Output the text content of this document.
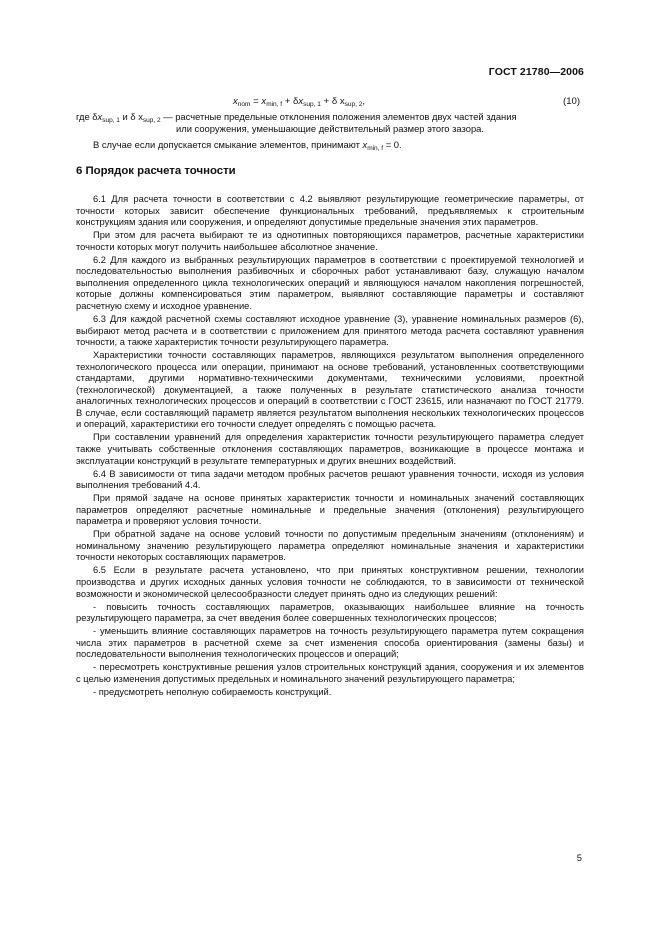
ГОСТ 21780—2006
$x_{nom} = x_{min, f} + \delta x_{sup, 1} + \delta$ $x_{sup, 2}$,	(10)
где $\delta x_{sup, 1}$ и δ $x_{sup, 2}$ — расчетные предельные отклонения положения элементов двух частей здания
или сооружения, уменьшающие действительный размер этого зазора.
В случае если допускается смыкание элементов, принимают $x_{min, f} = 0$.
6 Порядок расчета точности

6.1 Для расчета точности в соответствии с 4.2 выявляют результирующие геометрические параметры, от точности которых зависит обеспечение функциональных требований, предъявляемых к строительным конструкциям здания или сооружения, и определяют допустимые предельные значения этих параметров.

При этом для расчета выбирают те из однотипных повторяющихся параметров, расчетные характеристики точности которых могут получить наибольшее абсолютное значение.

6.2 Для каждого из выбранных результирующих параметров в соответствии с проектируемой технологией и последовательностью выполнения разбивочных и сборочных работ устанавливают базу, служащую началом выполнения определенного цикла технологических операций и являющуюся началом накопления погрешностей, которые должны компенсироваться этим параметром, выявляют составляющие параметры и составляют расчетную схему и исходное уравнение.

6.3 Для каждой расчетной схемы составляют исходное уравнение (3), уравнение номинальных размеров (6), выбирают метод расчета и в соответствии с приложением для принятого метода расчета составляют уравнения точности, а также характеристик точности результирующего параметра.

Характеристики точности составляющих параметров, являющихся результатом выполнения определенного технологического процесса или операции, принимают на основе требований, установленных соответствующими стандартами, другими нормативно-техническими документами, техническими условиями, проектной (технологической) документацией, а также полученных в результате статистического анализа точности аналогичных технологических процессов и операций в соответствии с ГОСТ 23615, или назначают по ГОСТ 21779. В случае, если составляющий параметр является результатом выполнения нескольких технологических процессов и операций, характеристики его точности следует определять с помощью расчета.

При составлении уравнений для определения характеристик точности результирующего параметра следует также учитывать собственные отклонения составляющих параметров, возникающие в процессе монтажа и эксплуатации конструкций в результате температурных и других внешних воздействий.

6.4 В зависимости от типа задачи методом пробных расчетов решают уравнения точности, исходя из условия выполнения требований 4.4.

При прямой задаче на основе принятых характеристик точности и номинальных значений составляющих параметров определяют расчетные номинальные и предельные значения (отклонения) результирующего параметра и проверяют условия точности.

При обратной задаче на основе условий точности по допустимым предельным значениям (отклонениям) и номинальному значению результирующего параметра определяют номинальные значения и характеристики точности некоторых составляющих параметров.

6.5 Если в результате расчета установлено, что при принятых конструктивном решении, технологии производства и других исходных данных условия точности не соблюдаются, то в зависимости от технической возможности и экономической целесообразности следует принять одно из следующих решений:

- повысить точность составляющих параметров, оказывающих наибольшее влияние на точность результирующего параметра, за счет введения более совершенных технологических процессов;

- уменьшить влияние составляющих параметров на точность результирующего параметра путем сокращения числа этих параметров в расчетной схеме за счет изменения способа ориентирования (замены базы) и последовательности выполнения технологических процессов и операций;

- пересмотреть конструктивные решения узлов строительных конструкций здания, сооружения и их элементов с целью изменения допустимых предельных и номинального значений результирующего параметра;

- предусмотреть неполную собираемость конструкций.

5
